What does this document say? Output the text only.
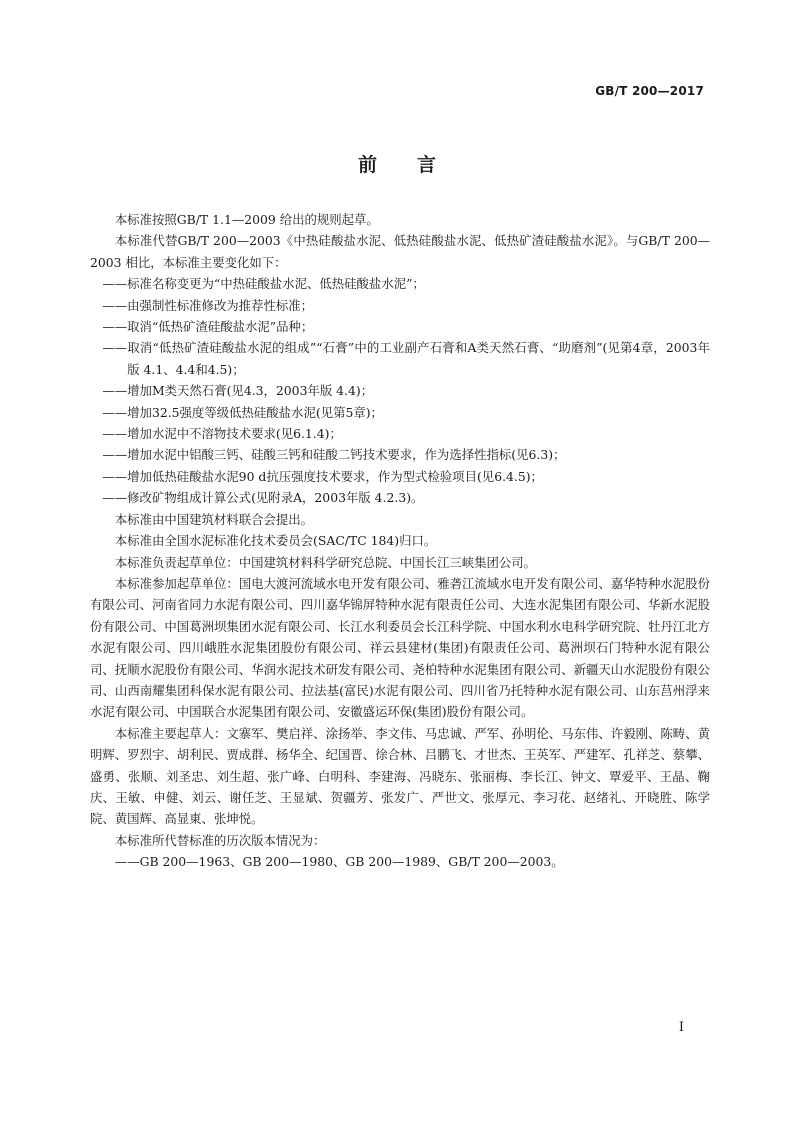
GB/T 200—2017
前言

本标准按照GB/T 1.1—2009 给出的规则起草。

本标准代替GB/T 200—2003《中热硅酸盐水泥、低热硅酸盐水泥、低热矿渣硅酸盐水泥》。与GB/T 200—2003 相比，本标准主要变化如下：

——标准名称变更为“中热硅酸盐水泥、低热硅酸盐水泥”；

——由强制性标准修改为推荐性标准；

——取消“低热矿渣硅酸盐水泥”品种；

——取消“低热矿渣硅酸盐水泥的组成”“石膏”中的工业副产石膏和A类天然石膏、“助磨剂”(见第4章，2003年版 4.1、4.4和4.5)；

——增加M类天然石膏(见4.3，2003年版 4.4)；

——增加32.5强度等级低热硅酸盐水泥(见第5章)；

——增加水泥中不溶物技术要求(见6.1.4)；

——增加水泥中铝酸三钙、硅酸三钙和硅酸二钙技术要求，作为选择性指标(见6.3)；

——增加低热硅酸盐水泥90 d抗压强度技术要求，作为型式检验项目(见6.4.5)；

——修改矿物组成计算公式(见附录A，2003年版 4.2.3)。

本标准由中国建筑材料联合会提出。

本标准由全国水泥标准化技术委员会(SAC/TC 184)归口。

本标准负责起草单位：中国建筑材料科学研究总院、中国长江三峡集团公司。

本标准参加起草单位：国电大渡河流域水电开发有限公司、雅砻江流域水电开发有限公司、嘉华特种水泥股份有限公司、河南省同力水泥有限公司、四川嘉华锦屏特种水泥有限责任公司、大连水泥集团有限公司、华新水泥股份有限公司、中国葛洲坝集团水泥有限公司、长江水利委员会长江科学院、中国水利水电科学研究院、牡丹江北方水泥有限公司、四川峨胜水泥集团股份有限公司、祥云县建材(集团)有限责任公司、葛洲坝石门特种水泥有限公司、抚顺水泥股份有限公司、华润水泥技术研发有限公司、尧柏特种水泥集团有限公司、新疆天山水泥股份有限公司、山西南耀集团科保水泥有限公司、拉法基(富民)水泥有限公司、四川省乃托特种水泥有限公司、山东莒州浮来水泥有限公司、中国联合水泥集团有限公司、安徽盛运环保(集团)股份有限公司。

本标准主要起草人：文寨军、樊启祥、涂扬举、李文伟、马忠诚、严军、孙明伦、马东伟、许毅刚、陈畴、黄明辉、罗烈宇、胡利民、贾成群、杨华全、纪国晋、徐合林、吕鹏飞、才世杰、王英军、严建军、孔祥芝、蔡攀、盛勇、张顺、刘圣忠、刘生超、张广峰、白明科、李建海、冯晓东、张丽梅、李长江、钟文、覃爱平、王晶、鞠庆、王敏、申健、刘云、谢任芝、王显斌、贺疆芳、张发广、严世文、张厚元、李习花、赵绪礼、开晓胜、陈学院、黄国辉、高显東、张坤悦。

本标准所代替标准的历次版本情况为：

——GB 200—1963、GB 200—1980、GB 200—1989、GB/T 200—2003。

I
